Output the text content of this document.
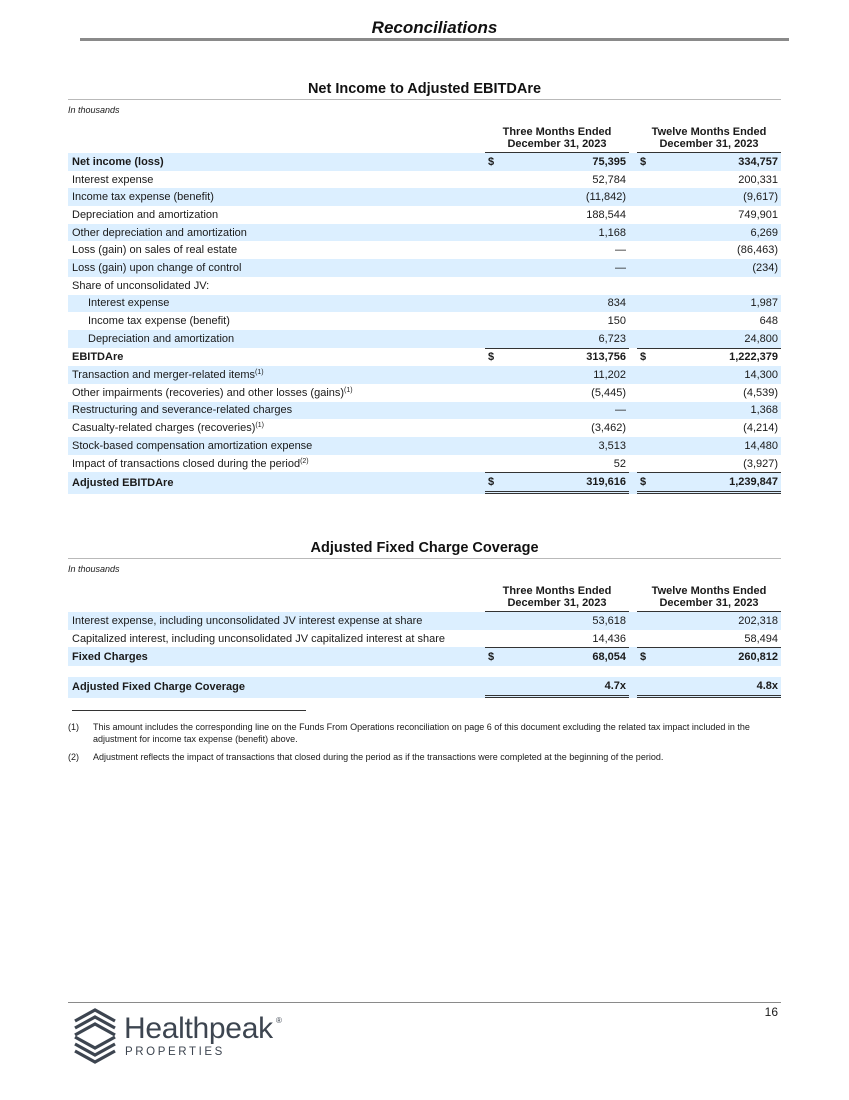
Reconciliations
Net Income to Adjusted EBITDAre
In thousands
	Three Months Ended December 31, 2023			Twelve Months Ended December 31, 2023	
Net income (loss)	$	75,395		$	334,757
Interest expense		52,784			200,331
Income tax expense (benefit)		(11,842)			(9,617)
Depreciation and amortization		188,544			749,901
Other depreciation and amortization		1,168			6,269
Loss (gain) on sales of real estate		—			(86,463)
Loss (gain) upon change of control		—			(234)
Share of unconsolidated JV:					
Interest expense		834			1,987
Income tax expense (benefit)		150			648
Depreciation and amortization		6,723			24,800
EBITDAre	$	313,756		$	1,222,379
Transaction and merger-related items$^{(1)}$		11,202			14,300
Other impairments (recoveries) and other losses (gains)$^{(1)}$		(5,445)			(4,539)
Restructuring and severance-related charges		—			1,368
Casualty-related charges (recoveries)$^{(1)}$		(3,462)			(4,214)
Stock-based compensation amortization expense		3,513			14,480
Impact of transactions closed during the period$^{(2)}$		52			(3,927)
Adjusted EBITDAre	$	319,616		$	1,239,847
Adjusted Fixed Charge Coverage
In thousands
	Three Months Ended December 31, 2023			Twelve Months Ended December 31, 2023	
Interest expense, including unconsolidated JV interest expense at share		53,618			202,318
Capitalized interest, including unconsolidated JV capitalized interest at share		14,436			58,494
Fixed Charges	$	68,054		$	260,812

Adjusted Fixed Charge Coverage		4.7x			4.8x
(1)	This amount includes the corresponding line on the Funds From Operations reconciliation on page 6 of this document excluding the related tax impact included in the adjustment for income tax expense (benefit) above.
(2)	Adjustment reflects the impact of transactions that closed during the period as if the transactions were completed at the beginning of the period.
16
Healthpeak ®
PROPERTIES
